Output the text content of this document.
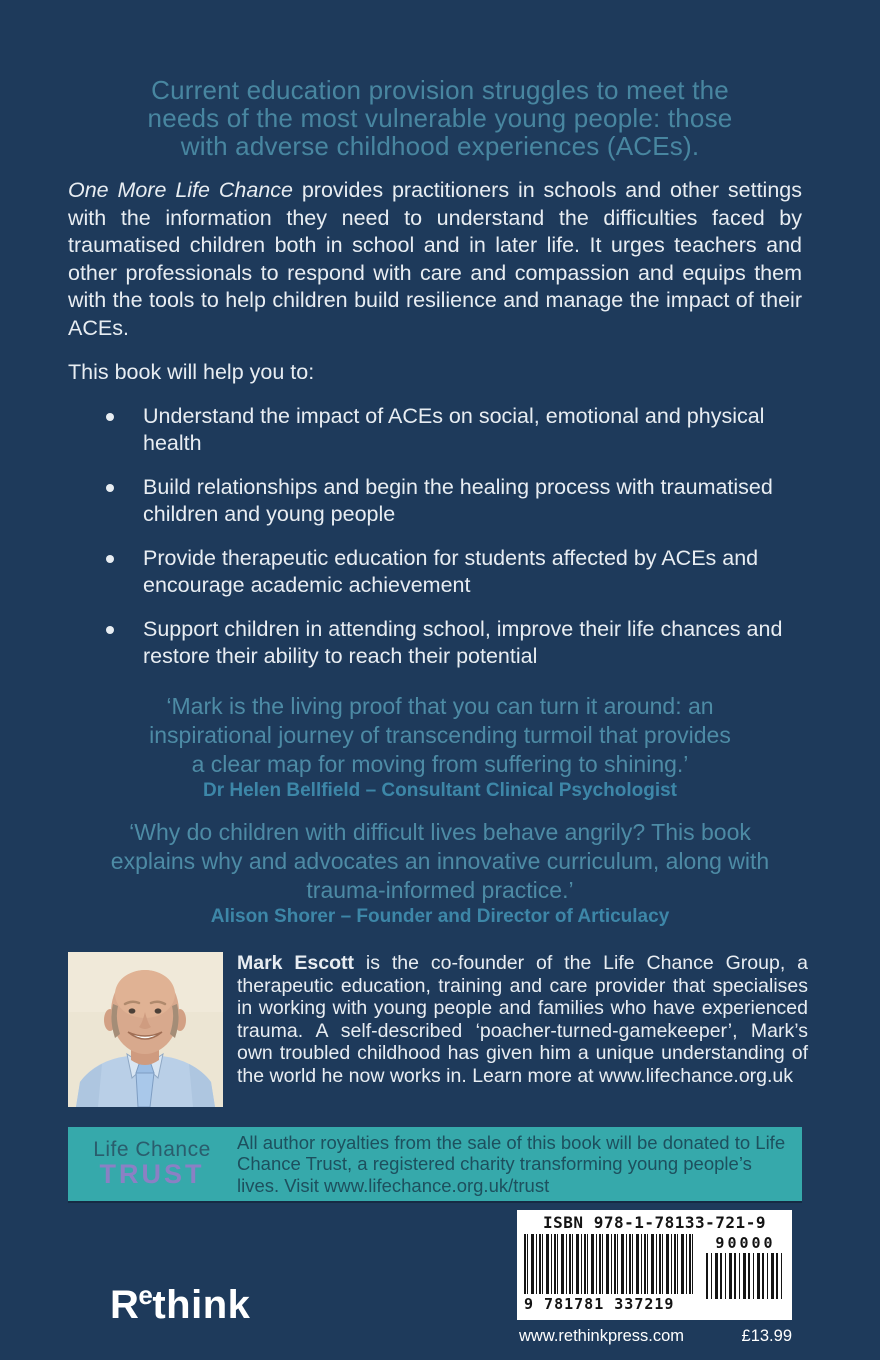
Current education provision struggles to meet the
needs of the most vulnerable young people: those
with adverse childhood experiences (ACEs).

One More Life Chance provides practitioners in schools and other settings with the information they need to understand the difficulties faced by traumatised children both in school and in later life. It urges teachers and other professionals to respond with care and compassion and equips them with the tools to help children build resilience and manage the impact of their ACEs.

This book will help you to:
Understand the impact of ACEs on social, emotional and physical health
Build relationships and begin the healing process with traumatised children and young people
Provide therapeutic education for students affected by ACEs and encourage academic achievement
Support children in attending school, improve their life chances and restore their ability to reach their potential
‘Mark is the living proof that you can turn it around: an
inspirational journey of transcending turmoil that provides
a clear map for moving from suffering to shining.’
Dr Helen Bellfield – Consultant Clinical Psychologist
‘Why do children with difficult lives behave angrily? This book
explains why and advocates an innovative curriculum, along with
trauma-informed practice.’
Alison Shorer – Founder and Director of Articulacy

Mark Escott is the co-founder of the Life Chance Group, a therapeutic education, training and care provider that specialises in working with young people and families who have experienced trauma. A self-described ‘poacher-turned-gamekeeper’, Mark’s own troubled childhood has given him a unique understanding of the world he now works in. Learn more at www.lifechance.org.uk

Life Chance
TRUST
All author royalties from the sale of this book will be donated to Life Chance Trust, a registered charity transforming young people’s lives. Visit www.lifechance.org.uk/trust
Rethink
ISBN 978-1-78133-721-9
9 781781 337219
90000
www.rethinkpress.com	£13.99
